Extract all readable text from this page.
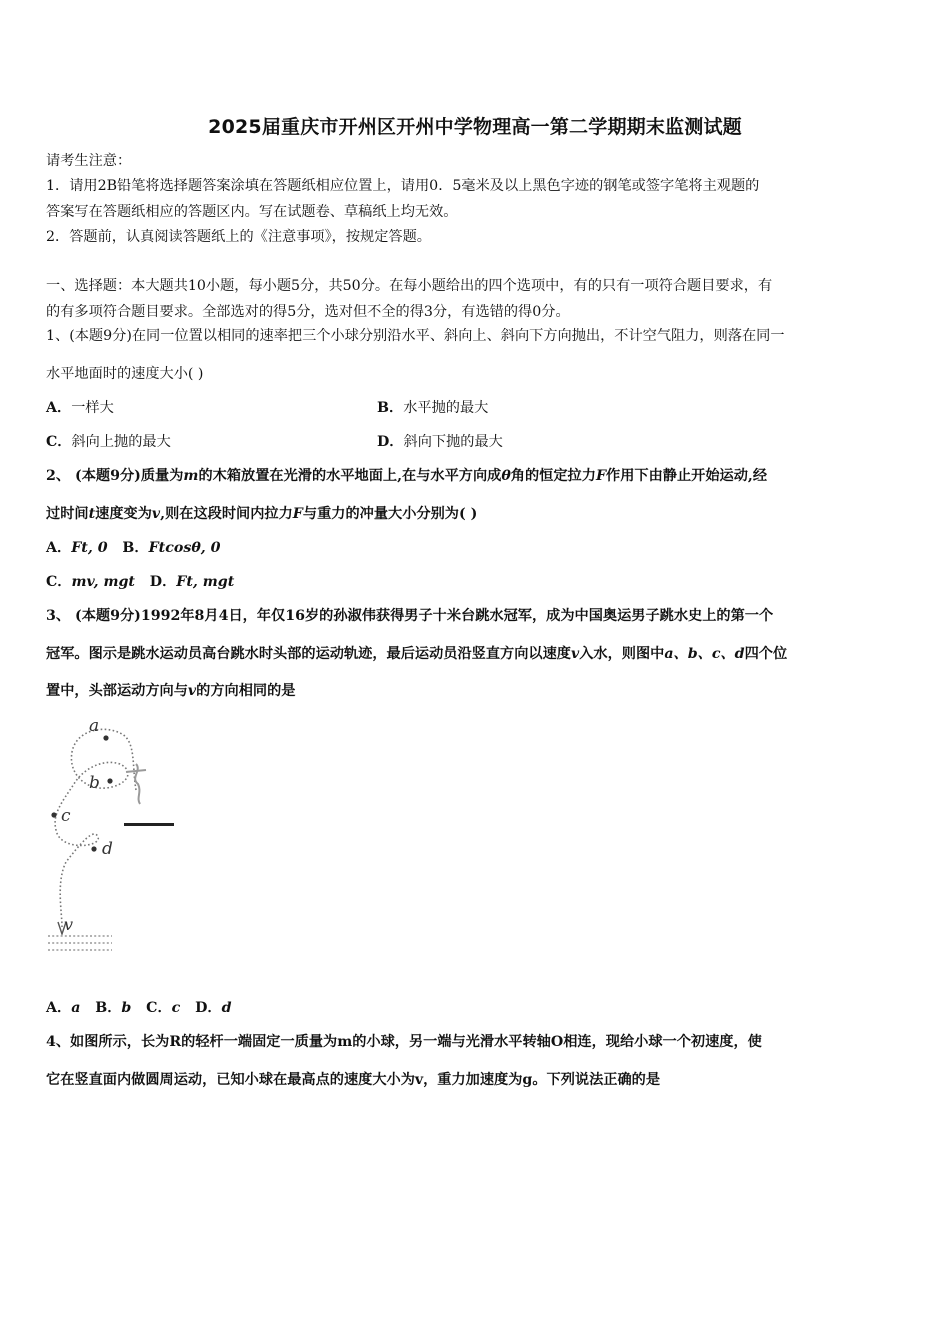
2025届重庆市开州区开州中学物理高一第二学期期末监测试题
请考生注意：
1．请用2B铅笔将选择题答案涂填在答题纸相应位置上，请用0．5毫米及以上黑色字迹的钢笔或签字笔将主观题的
答案写在答题纸相应的答题区内。写在试题卷、草稿纸上均无效。
2．答题前，认真阅读答题纸上的《注意事项》，按规定答题。
一、选择题：本大题共10小题，每小题5分，共50分。在每小题给出的四个选项中，有的只有一项符合题目要求，有
的有多项符合题目要求。全部选对的得5分，选对但不全的得3分，有选错的得0分。
1、(本题9分)在同一位置以相同的速率把三个小球分别沿水平、斜向上、斜向下方向抛出，不计空气阻力，则落在同一
水平地面时的速度大小( )
A．一样大	B．水平抛的最大
C．斜向上抛的最大	D．斜向下抛的最大
2、 (本题9分)质量为m的木箱放置在光滑的水平地面上,在与水平方向成θ角的恒定拉力F作用下由静止开始运动,经
过时间t速度变为v,则在这段时间内拉力F与重力的冲量大小分别为( )
A．Ft, 0 B．Ftcosθ, 0
C．mv, mgt D．Ft, mgt
3、 (本题9分)1992年8月4日，年仅16岁的孙淑伟获得男子十米台跳水冠军，成为中国奥运男子跳水史上的第一个
冠军。图示是跳水运动员高台跳水时头部的运动轨迹，最后运动员沿竖直方向以速度v入水，则图中a、b、c、d四个位
置中，头部运动方向与v的方向相同的是
a
b
c
d
v
A．a B．b C．c D．d
4、如图所示，长为R的轻杆一端固定一质量为m的小球，另一端与光滑水平转轴O相连，现给小球一个初速度，使
它在竖直面内做圆周运动，已知小球在最高点的速度大小为v，重力加速度为g。下列说法正确的是
